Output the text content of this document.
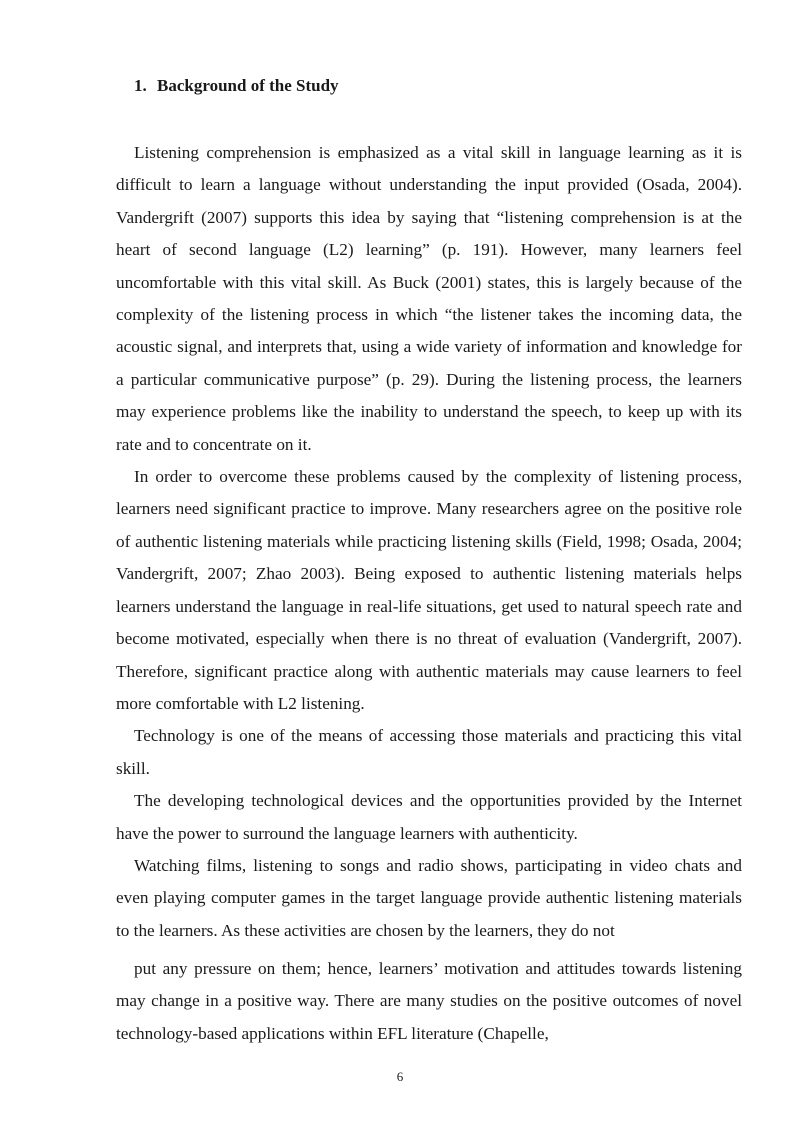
1. Background of the Study

Listening comprehension is emphasized as a vital skill in language learning as it is difficult to learn a language without understanding the input provided (Osada, 2004). Vandergrift (2007) supports this idea by saying that “listening comprehension is at the heart of second language (L2) learning” (p. 191). However, many learners feel uncomfortable with this vital skill. As Buck (2001) states, this is largely because of the complexity of the listening process in which “the listener takes the incoming data, the acoustic signal, and interprets that, using a wide variety of information and knowledge for a particular communicative purpose” (p. 29). During the listening process, the learners may experience problems like the inability to understand the speech, to keep up with its rate and to concentrate on it.

In order to overcome these problems caused by the complexity of listening process, learners need significant practice to improve. Many researchers agree on the positive role of authentic listening materials while practicing listening skills (Field, 1998; Osada, 2004; Vandergrift, 2007; Zhao 2003). Being exposed to authentic listening materials helps learners understand the language in real-life situations, get used to natural speech rate and become motivated, especially when there is no threat of evaluation (Vandergrift, 2007). Therefore, significant practice along with authentic materials may cause learners to feel more comfortable with L2 listening.

Technology is one of the means of accessing those materials and practicing this vital skill.

The developing technological devices and the opportunities provided by the Internet have the power to surround the language learners with authenticity.

Watching films, listening to songs and radio shows, participating in video chats and even playing computer games in the target language provide authentic listening materials to the learners. As these activities are chosen by the learners, they do not

put any pressure on them; hence, learners’ motivation and attitudes towards listening may change in a positive way. There are many studies on the positive outcomes of novel technology-based applications within EFL literature (Chapelle,

6
